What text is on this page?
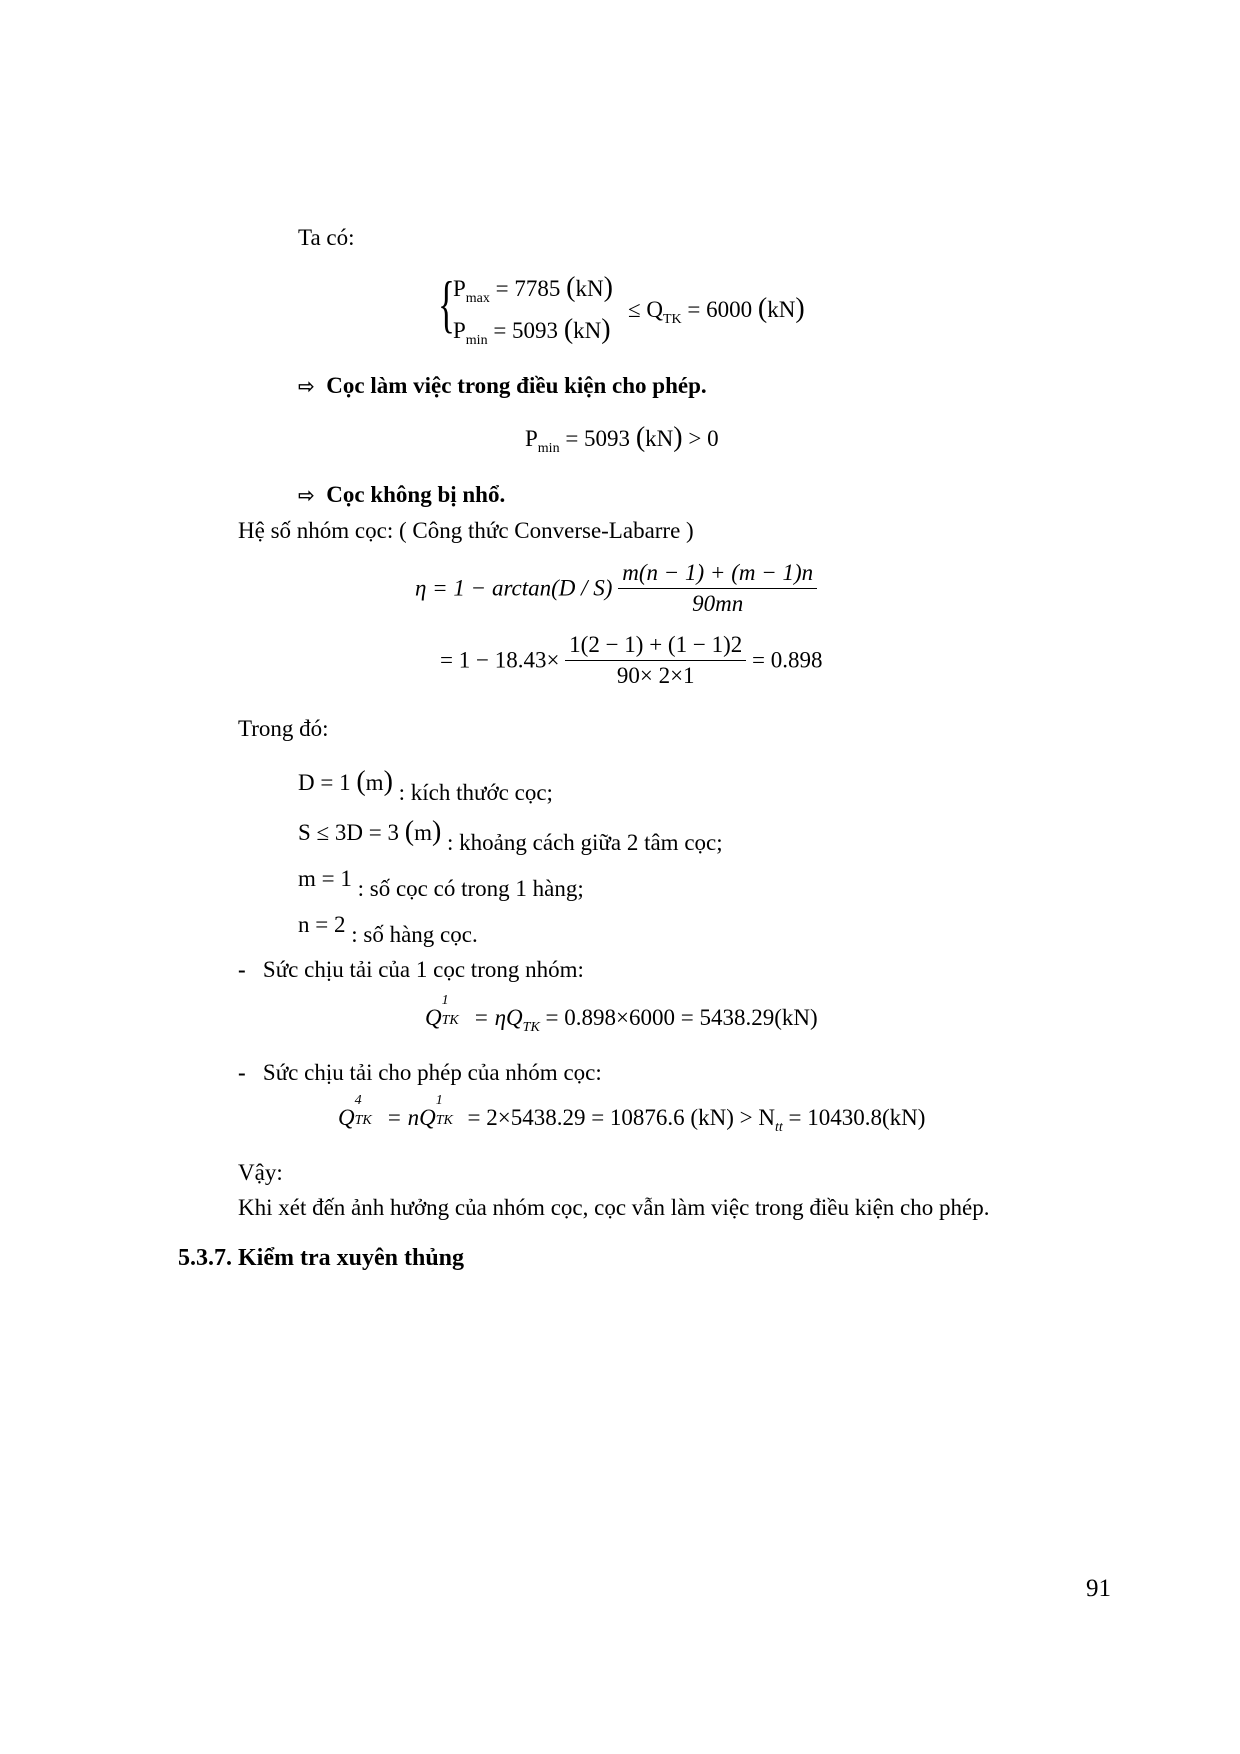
Ta có:
{
$P_{max} = 7785$ (kN)
$P_{min} = 5093$ (kN)
≤ $Q_{TK} = 6000$ (kN)
⇨ Cọc làm việc trong điều kiện cho phép.
$P_{min} = 5093$ (kN) > 0
⇨ Cọc không bị nhổ.
Hệ số nhóm cọc: ( Công thức Converse-Labarre )
$\eta = 1 - \arctan(D / S) \frac{m(n - 1) + (m - 1)n}{90mn}$
= $1 - 18.43\times \frac{1(2 - 1) + (1 - 1)2}{90\times 2\times 1} = 0.898$
Trong đó:
D = 1 (m) : kích thước cọc;
S ≤ 3D = 3 (m) : khoảng cách giữa 2 tâm cọc;
m = 1 : số cọc có trong 1 hàng;
n = 2 : số hàng cọc.
- Sức chịu tải của 1 cọc trong nhóm:
Q
1
TK = $\eta Q_{TK} = 0.898\times 6000 = 5438.29(kN)$
- Sức chịu tải cho phép của nhóm cọc:
Q
4
TK = nQ
1
TK = 2×5438.29 = 10876.6 $(kN) > N_{tt} = 10430.8(kN)$
Vậy:
Khi xét đến ảnh hưởng của nhóm cọc, cọc vẫn làm việc trong điều kiện cho phép.
5.3.7. Kiểm tra xuyên thủng
91
